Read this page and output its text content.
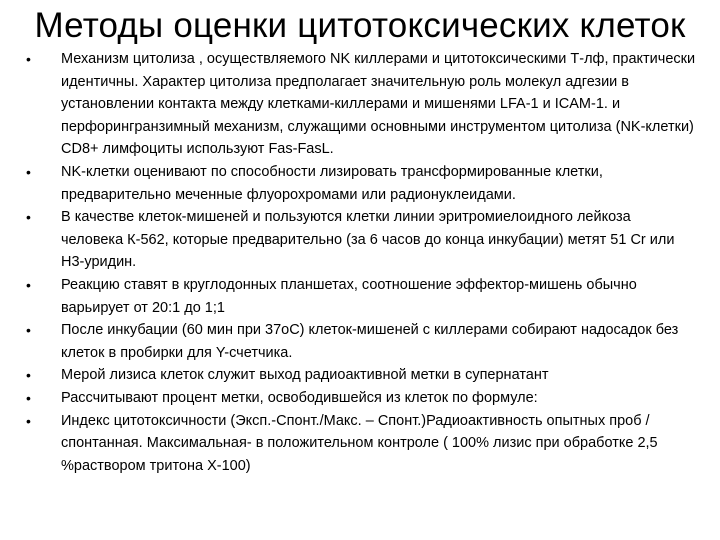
Методы оценки цитотоксических клеток
•	Механизм цитолиза , осуществляемого NK киллерами и цитотоксическими Т-лф, практически идентичны. Характер цитолиза предполагает значительную роль молекул адгезии в установлении контакта между клетками-киллерами и мишенями LFA-1 и ICAM-1. и перфорингранзимный механизм, служащими основными инструментом цитолиза (NK-клетки) CD8+ лимфоциты используют Fas-FasL.
•	NK-клетки оценивают по способности лизировать трансформированные клетки, предварительно меченные флуорохромами или радионуклеидами.
•	В качестве клеток-мишеней и пользуются клетки линии эритромиелоидного лейкоза человека К-562, которые предварительно (за 6 часов до конца инкубации) метят 51 Cr или Н3-уридин.
•	Реакцию ставят в круглодонных планшетах, соотношение эффектор-мишень обычно варьирует от 20:1 до 1;1
•	После инкубации (60 мин при 37оС) клеток-мишеней с киллерами собирают надосадок без клеток в пробирки для Y-счетчика.
•	Мерой лизиса клеток служит выход радиоактивной метки в супернатант
•	Рассчитывают процент метки, освободившейся из клеток по формуле:
•	Индекс цитотоксичности (Эксп.-Спонт./Макс. – Спонт.)Радиоактивность опытных проб / спонтанная. Максимальная- в положительном контроле ( 100% лизис при обработке 2,5 %раствором тритона Х-100)
